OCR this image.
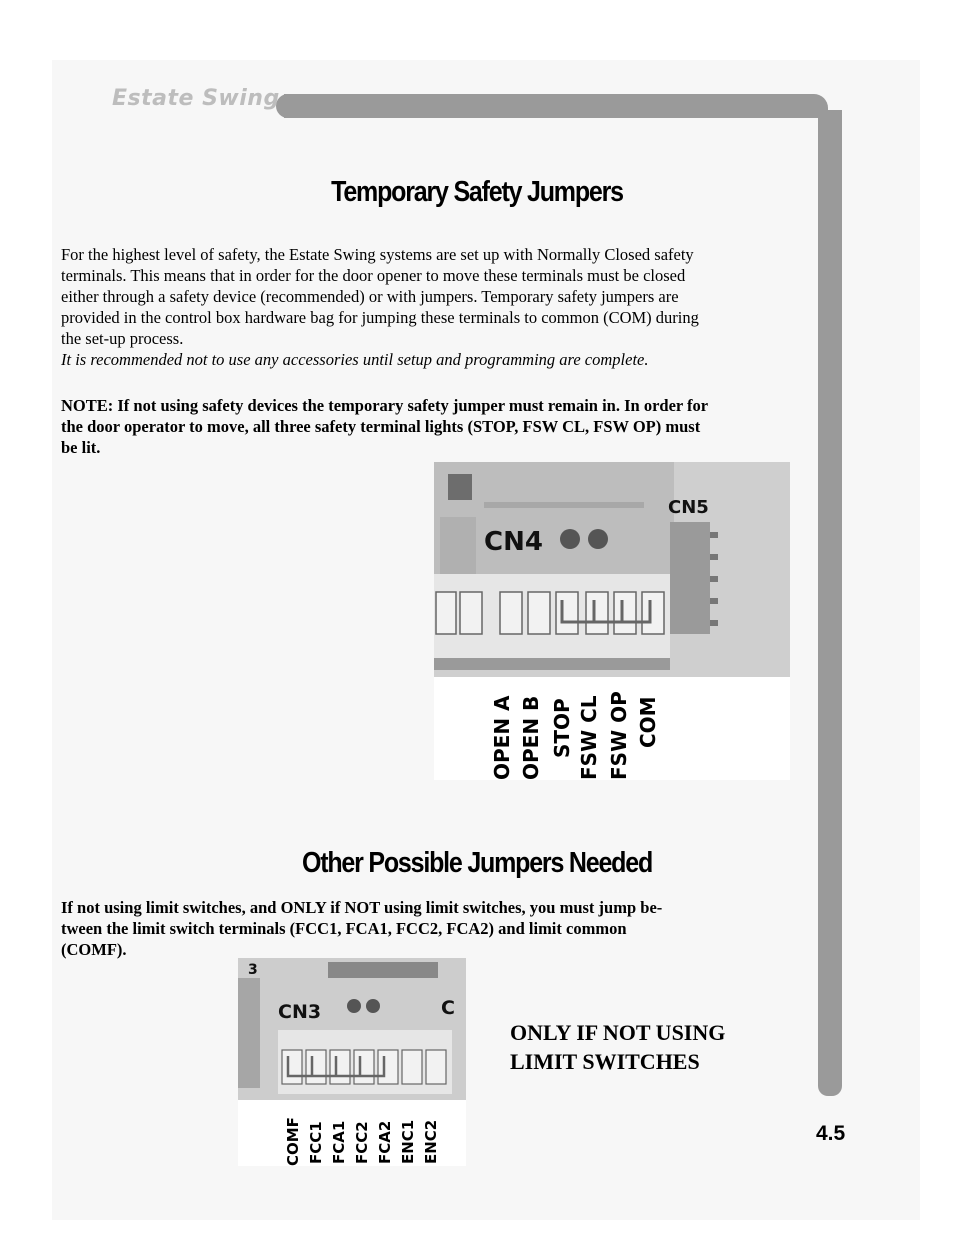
Estate Swing
Temporary Safety Jumpers
For the highest level of safety, the Estate Swing systems are set up with Normally Closed safety
terminals. This means that in order for the door opener to move these terminals must be closed
either through a safety device (recommended) or with jumpers. Temporary safety jumpers are
provided in the control box hardware bag for jumping these terminals to common (COM) during
the set-up process.
It is recommended not to use any accessories until setup and programming are complete.
NOTE: If not using safety devices the temporary safety jumper must remain in. In order for
the door operator to move, all three safety terminal lights (STOP, FSW CL, FSW OP) must
be lit.
CN4
CN5
OPEN A OPEN B STOP FSW CL FSW OP COM
Other Possible Jumpers Needed
If not using limit switches, and ONLY if NOT using limit switches, you must jump be-
tween the limit switch terminals (FCC1, FCA1, FCC2, FCA2) and limit common
(COMF).
3
CN3	C
COMF FCC1 FCA1 FCC2 FCA2 ENC1 ENC2
ONLY IF NOT USING
LIMIT SWITCHES
4.5
